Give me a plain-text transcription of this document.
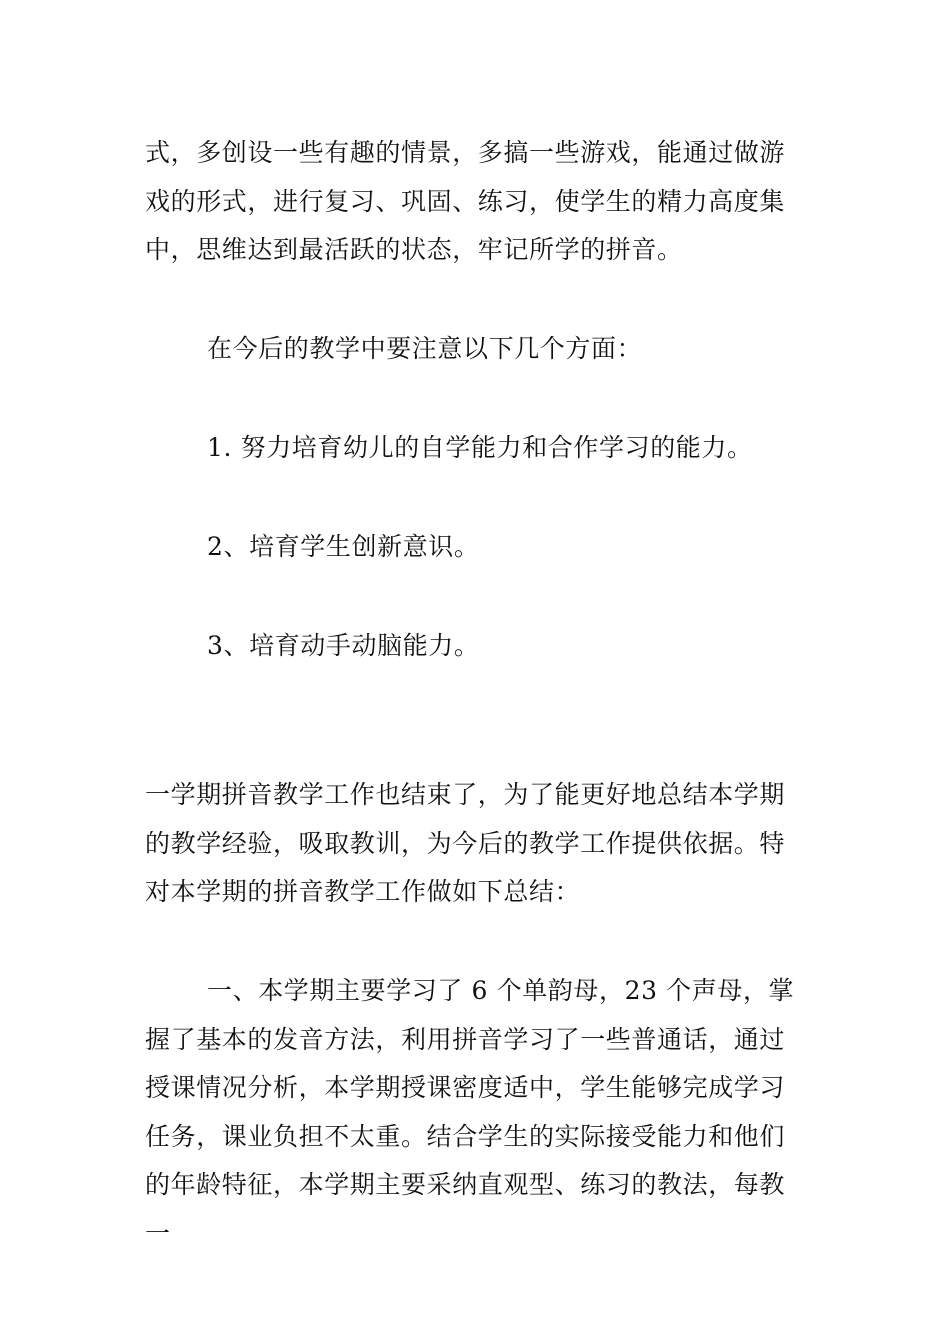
式，多创设一些有趣的情景，多搞一些游戏，能通过做游戏的形式，进行复习、巩固、练习，使学生的精力高度集中，思维达到最活跃的状态，牢记所学的拼音。

在今后的教学中要注意以下几个方面：

1. 努力培育幼儿的自学能力和合作学习的能力。

2、培育学生创新意识。

3、培育动手动脑能力。

一学期拼音教学工作也结束了，为了能更好地总结本学期的教学经验，吸取教训，为今后的教学工作提供依据。特对本学期的拼音教学工作做如下总结：

一、本学期主要学习了 6 个单韵母，23 个声母，掌握了基本的发音方法，利用拼音学习了一些普通话，通过授课情况分析，本学期授课密度适中，学生能够完成学习任务，课业负担不太重。结合学生的实际接受能力和他们的年龄特征，本学期主要采纳直观型、练习的教法，每教一
